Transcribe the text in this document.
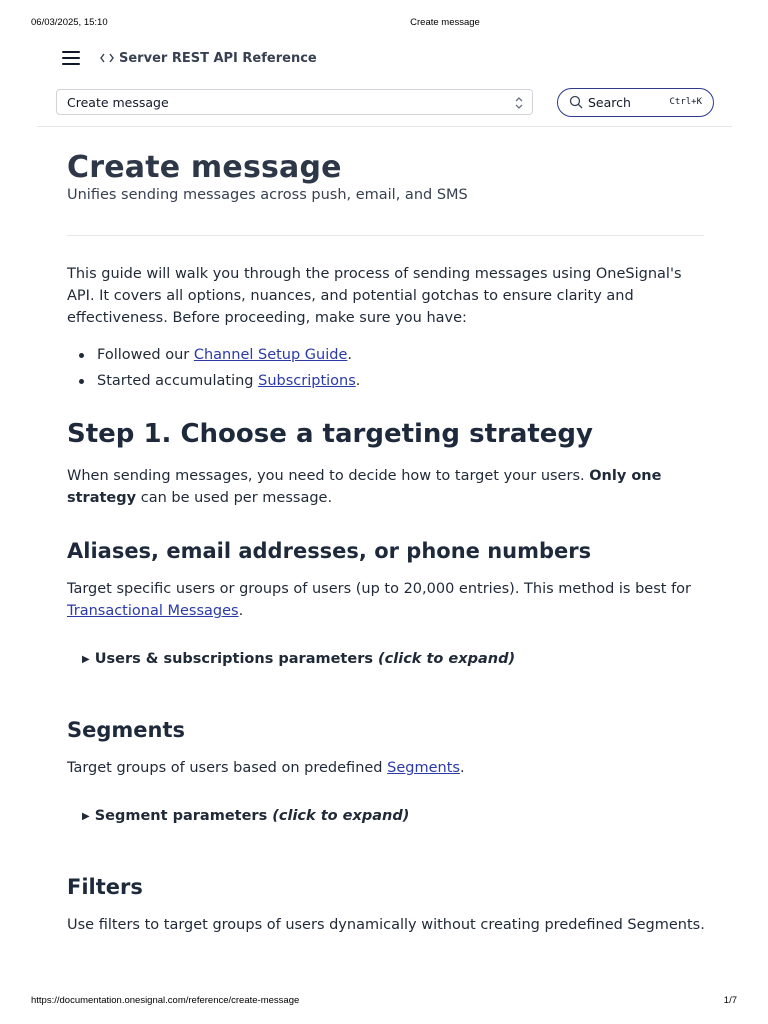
06/03/2025, 15:10	Create message
Server REST API Reference
Create message	Search	Ctrl+K
Create message
Unifies sending messages across push, email, and SMS

This guide will walk you through the process of sending messages using OneSignal's API. It covers all options, nuances, and potential gotchas to ensure clarity and effectiveness. Before proceeding, make sure you have:

Followed our Channel Setup Guide.
Started accumulating Subscriptions.
Step 1. Choose a targeting strategy

When sending messages, you need to decide how to target your users. Only one strategy can be used per message.

Aliases, email addresses, or phone numbers

Target specific users or groups of users (up to 20,000 entries). This method is best for Transactional Messages.

▶ Users & subscriptions parameters (click to expand)
Segments

Target groups of users based on predefined Segments.

▶ Segment parameters (click to expand)
Filters

Use filters to target groups of users dynamically without creating predefined Segments.

https://documentation.onesignal.com/reference/create-message	1/7
